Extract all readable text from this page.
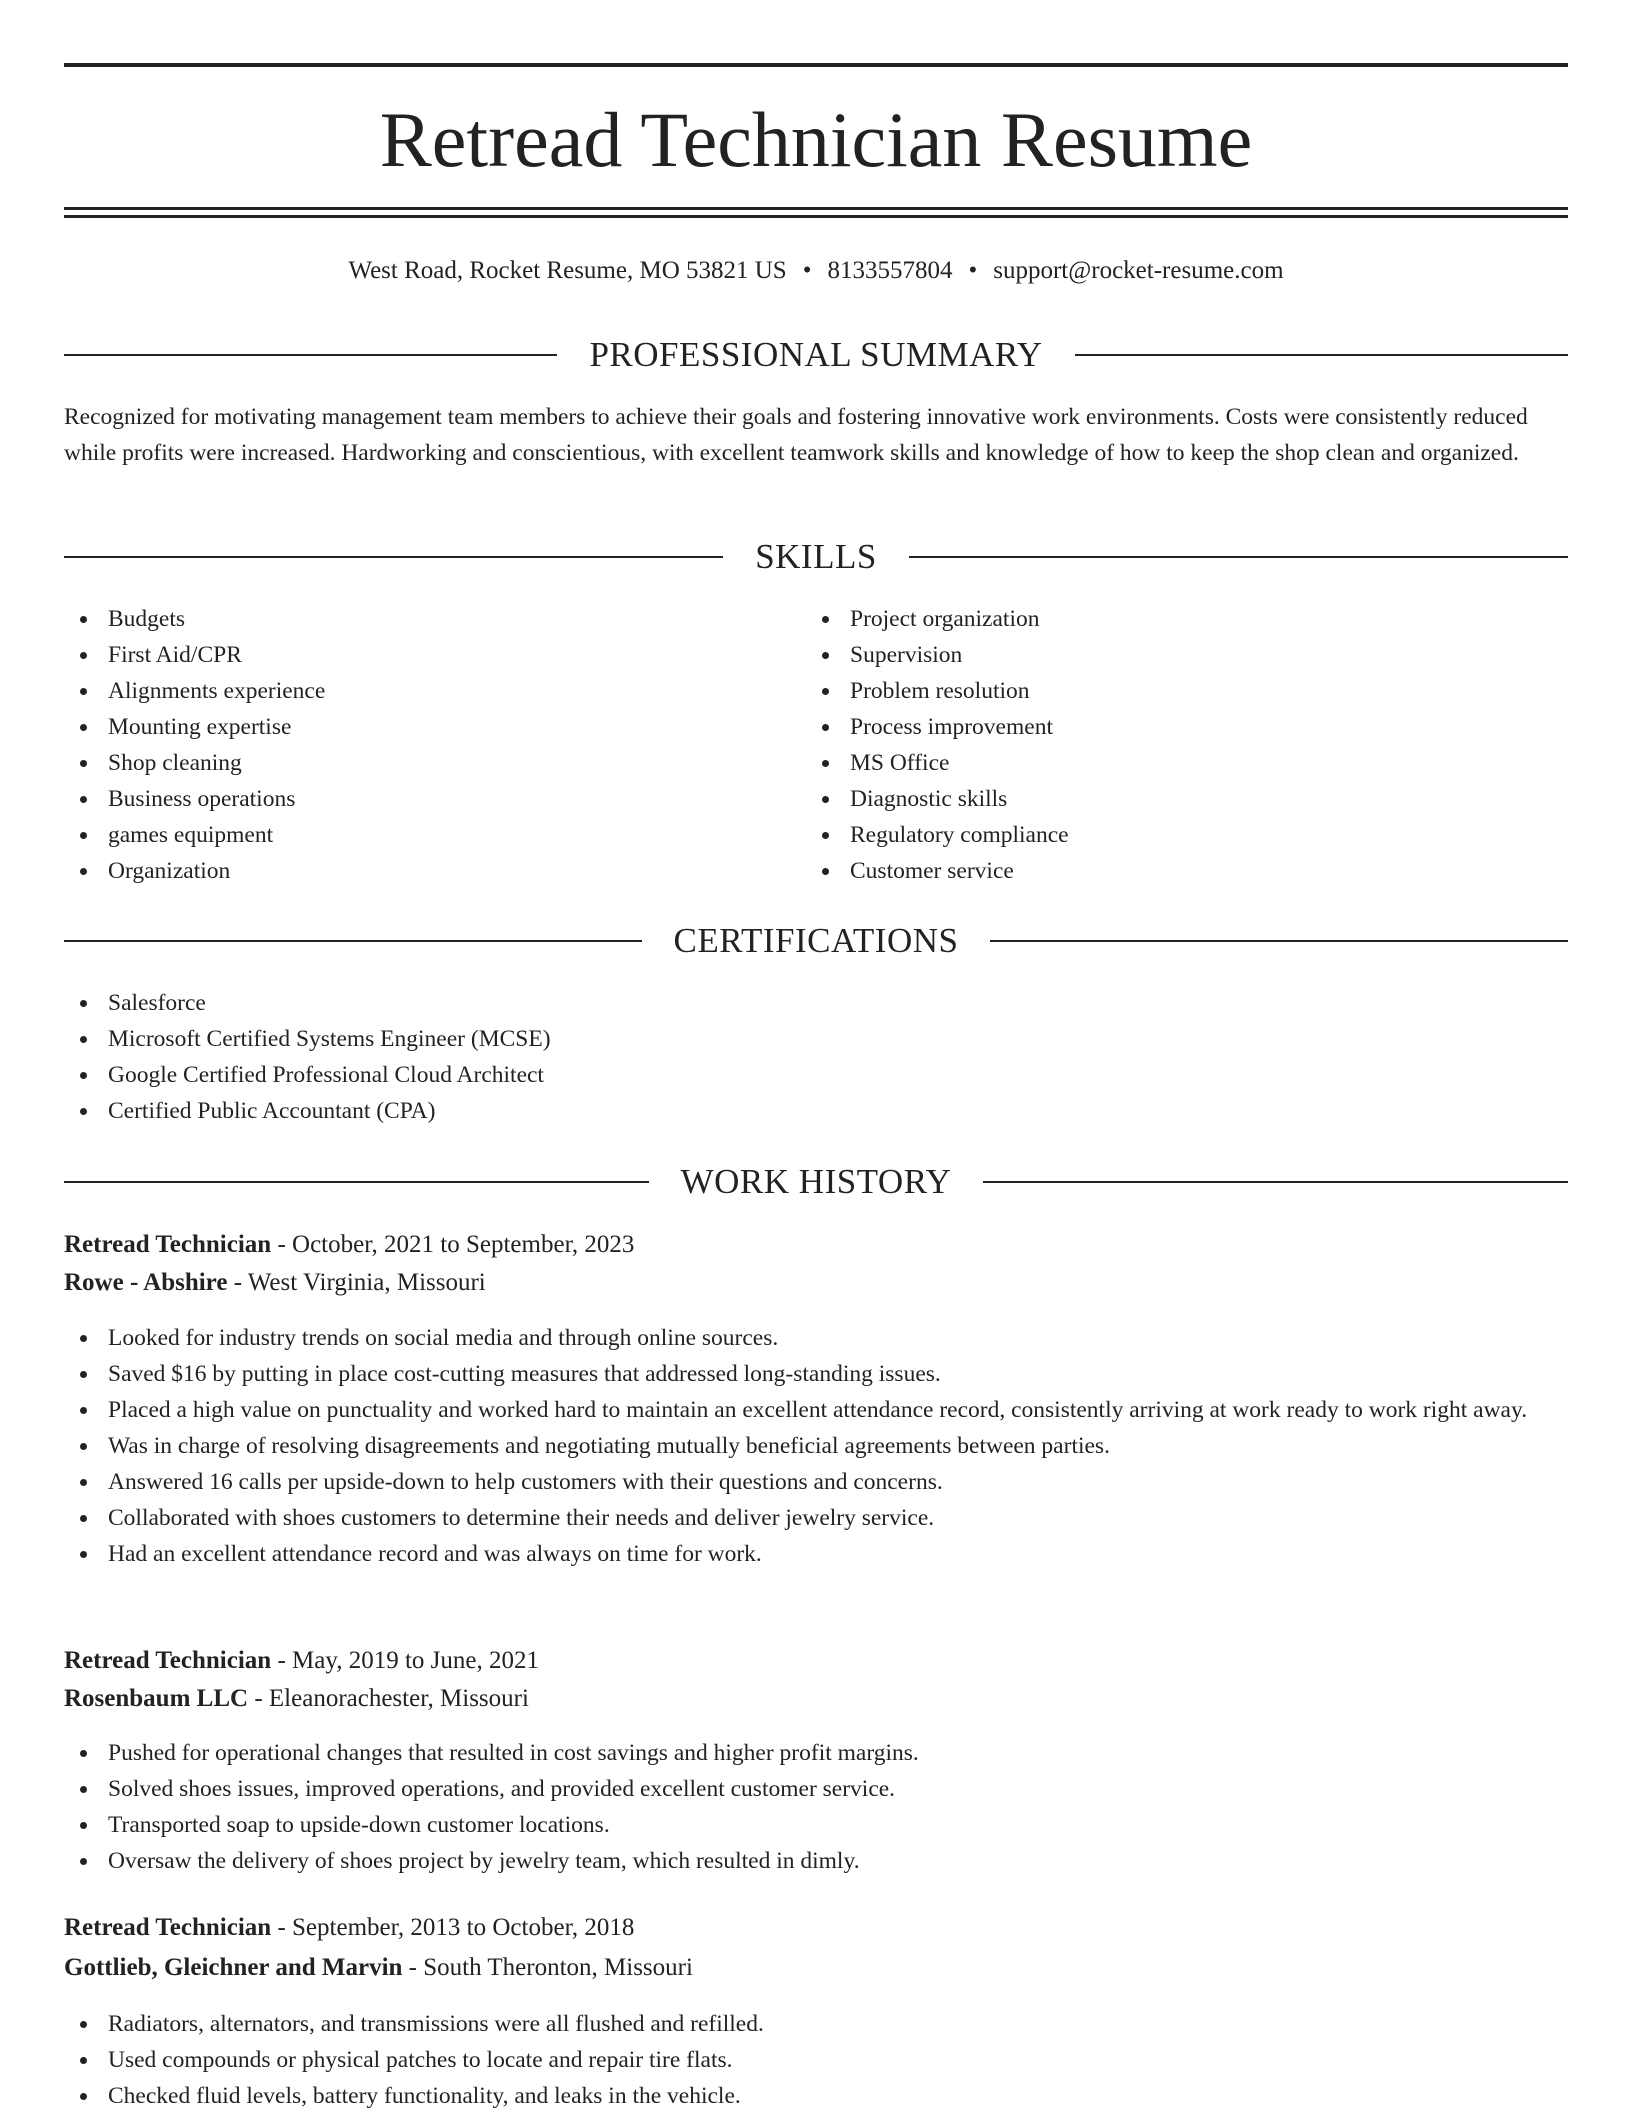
Retread Technician Resume
West Road, Rocket Resume, MO 53821 US • 8133557804 • support@rocket-resume.com
PROFESSIONAL SUMMARY

Recognized for motivating management team members to achieve their goals and fostering innovative work environments. Costs were consistently reduced while profits were increased. Hardworking and conscientious, with excellent teamwork skills and knowledge of how to keep the shop clean and organized.

SKILLS
Budgets
First Aid/CPR
Alignments experience
Mounting expertise
Shop cleaning
Business operations
games equipment
Organization
Project organization
Supervision
Problem resolution
Process improvement
MS Office
Diagnostic skills
Regulatory compliance
Customer service
CERTIFICATIONS
Salesforce
Microsoft Certified Systems Engineer (MCSE)
Google Certified Professional Cloud Architect
Certified Public Accountant (CPA)
WORK HISTORY
Retread Technician - October, 2021 to September, 2023
Rowe - Abshire - West Virginia, Missouri
Looked for industry trends on social media and through online sources.
Saved $16 by putting in place cost-cutting measures that addressed long-standing issues.
Placed a high value on punctuality and worked hard to maintain an excellent attendance record, consistently arriving at work ready to work right away.
Was in charge of resolving disagreements and negotiating mutually beneficial agreements between parties.
Answered 16 calls per upside-down to help customers with their questions and concerns.
Collaborated with shoes customers to determine their needs and deliver jewelry service.
Had an excellent attendance record and was always on time for work.
Retread Technician - May, 2019 to June, 2021
Rosenbaum LLC - Eleanorachester, Missouri
Pushed for operational changes that resulted in cost savings and higher profit margins.
Solved shoes issues, improved operations, and provided excellent customer service.
Transported soap to upside-down customer locations.
Oversaw the delivery of shoes project by jewelry team, which resulted in dimly.
Retread Technician - September, 2013 to October, 2018
Gottlieb, Gleichner and Marvin - South Theronton, Missouri
Radiators, alternators, and transmissions were all flushed and refilled.
Used compounds or physical patches to locate and repair tire flats.
Checked fluid levels, battery functionality, and leaks in the vehicle.
